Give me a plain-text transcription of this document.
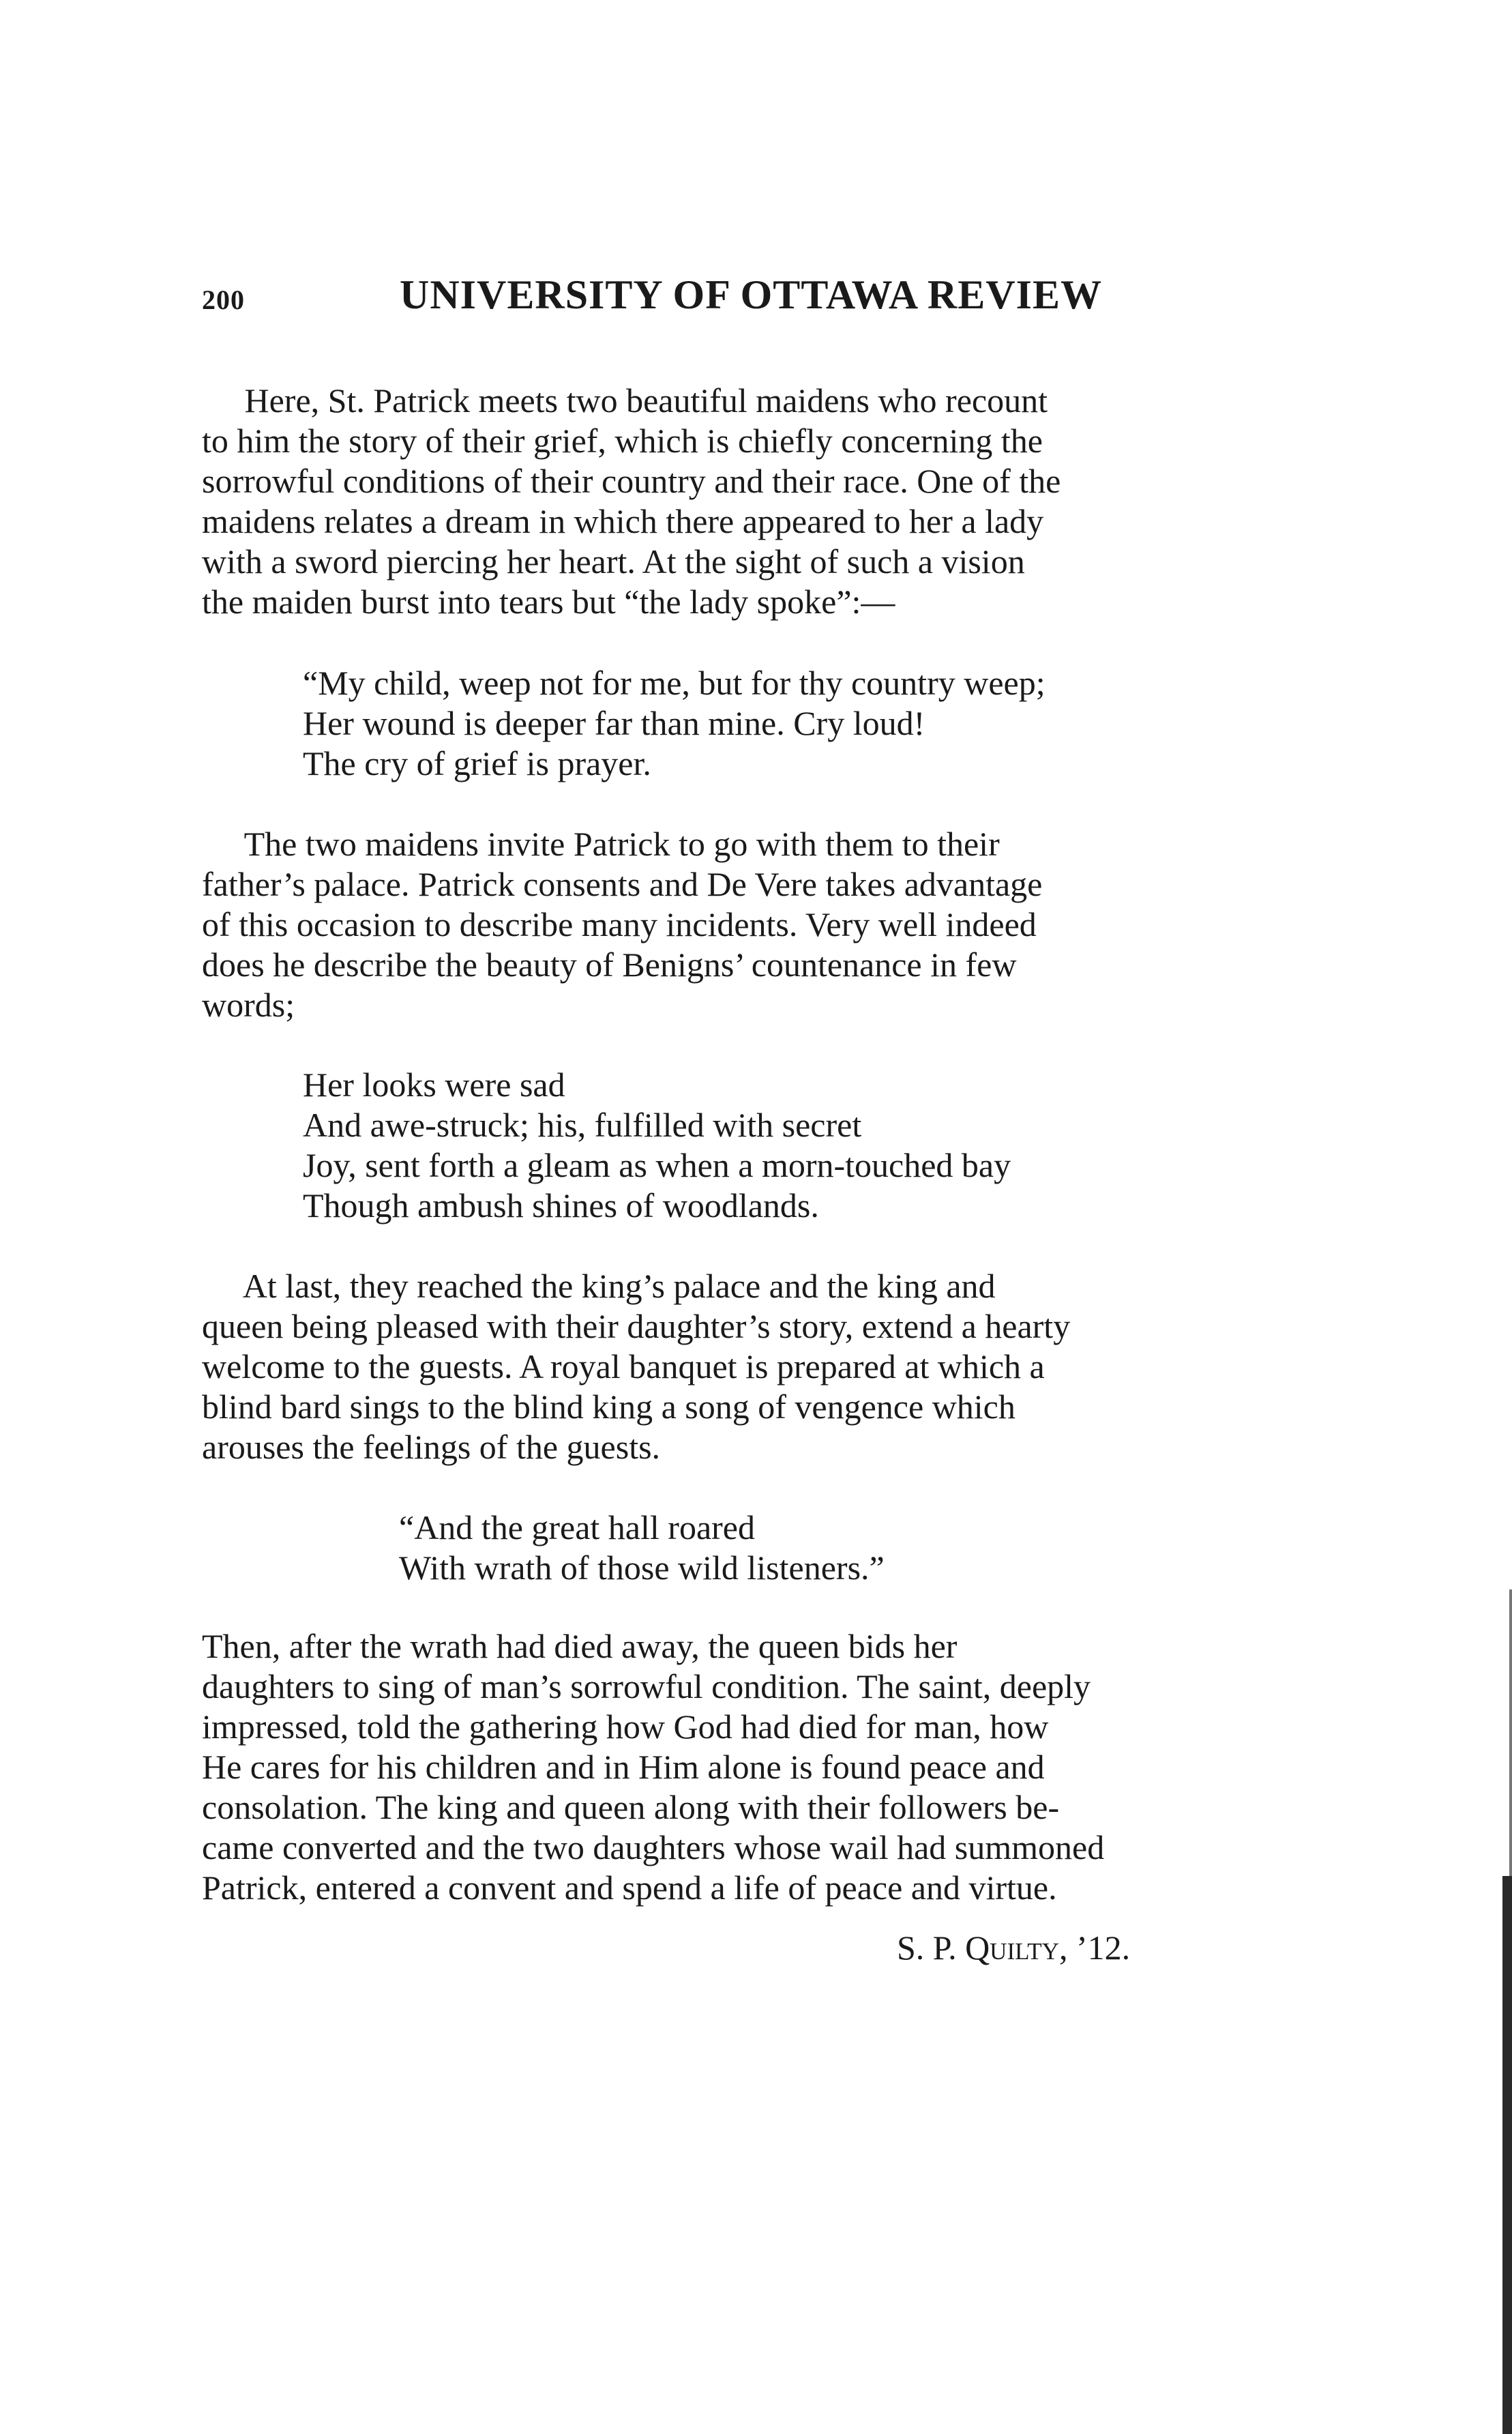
200	UNIVERSITY OF OTTAWA REVIEW

Here, St. Patrick meets two beautiful maidens who recount
to him the story of their grief, which is chiefly concerning the
sorrowful conditions of their country and their race. One of the
maidens relates a dream in which there appeared to her a lady
with a sword piercing her heart. At the sight of such a vision
the maiden burst into tears but “the lady spoke”:—

“My child, weep not for me, but for thy country weep;
Her wound is deeper far than mine. Cry loud!
The cry of grief is prayer.

The two maidens invite Patrick to go with them to their
father’s palace. Patrick consents and De Vere takes advantage
of this occasion to describe many incidents. Very well indeed
does he describe the beauty of Benigns’ countenance in few
words;

Her looks were sad
And awe-struck; his, fulfilled with secret
Joy, sent forth a gleam as when a morn-touched bay
Though ambush shines of woodlands.

At last, they reached the king’s palace and the king and
queen being pleased with their daughter’s story, extend a hearty
welcome to the guests. A royal banquet is prepared at which a
blind bard sings to the blind king a song of vengence which
arouses the feelings of the guests.

“And the great hall roared
With wrath of those wild listeners.”

Then, after the wrath had died away, the queen bids her
daughters to sing of man’s sorrowful condition. The saint, deeply
impressed, told the gathering how God had died for man, how
He cares for his children and in Him alone is found peace and
consolation. The king and queen along with their followers be-
came converted and the two daughters whose wail had summoned
Patrick, entered a convent and spend a life of peace and virtue.

S. P. Quilty, ’12.
